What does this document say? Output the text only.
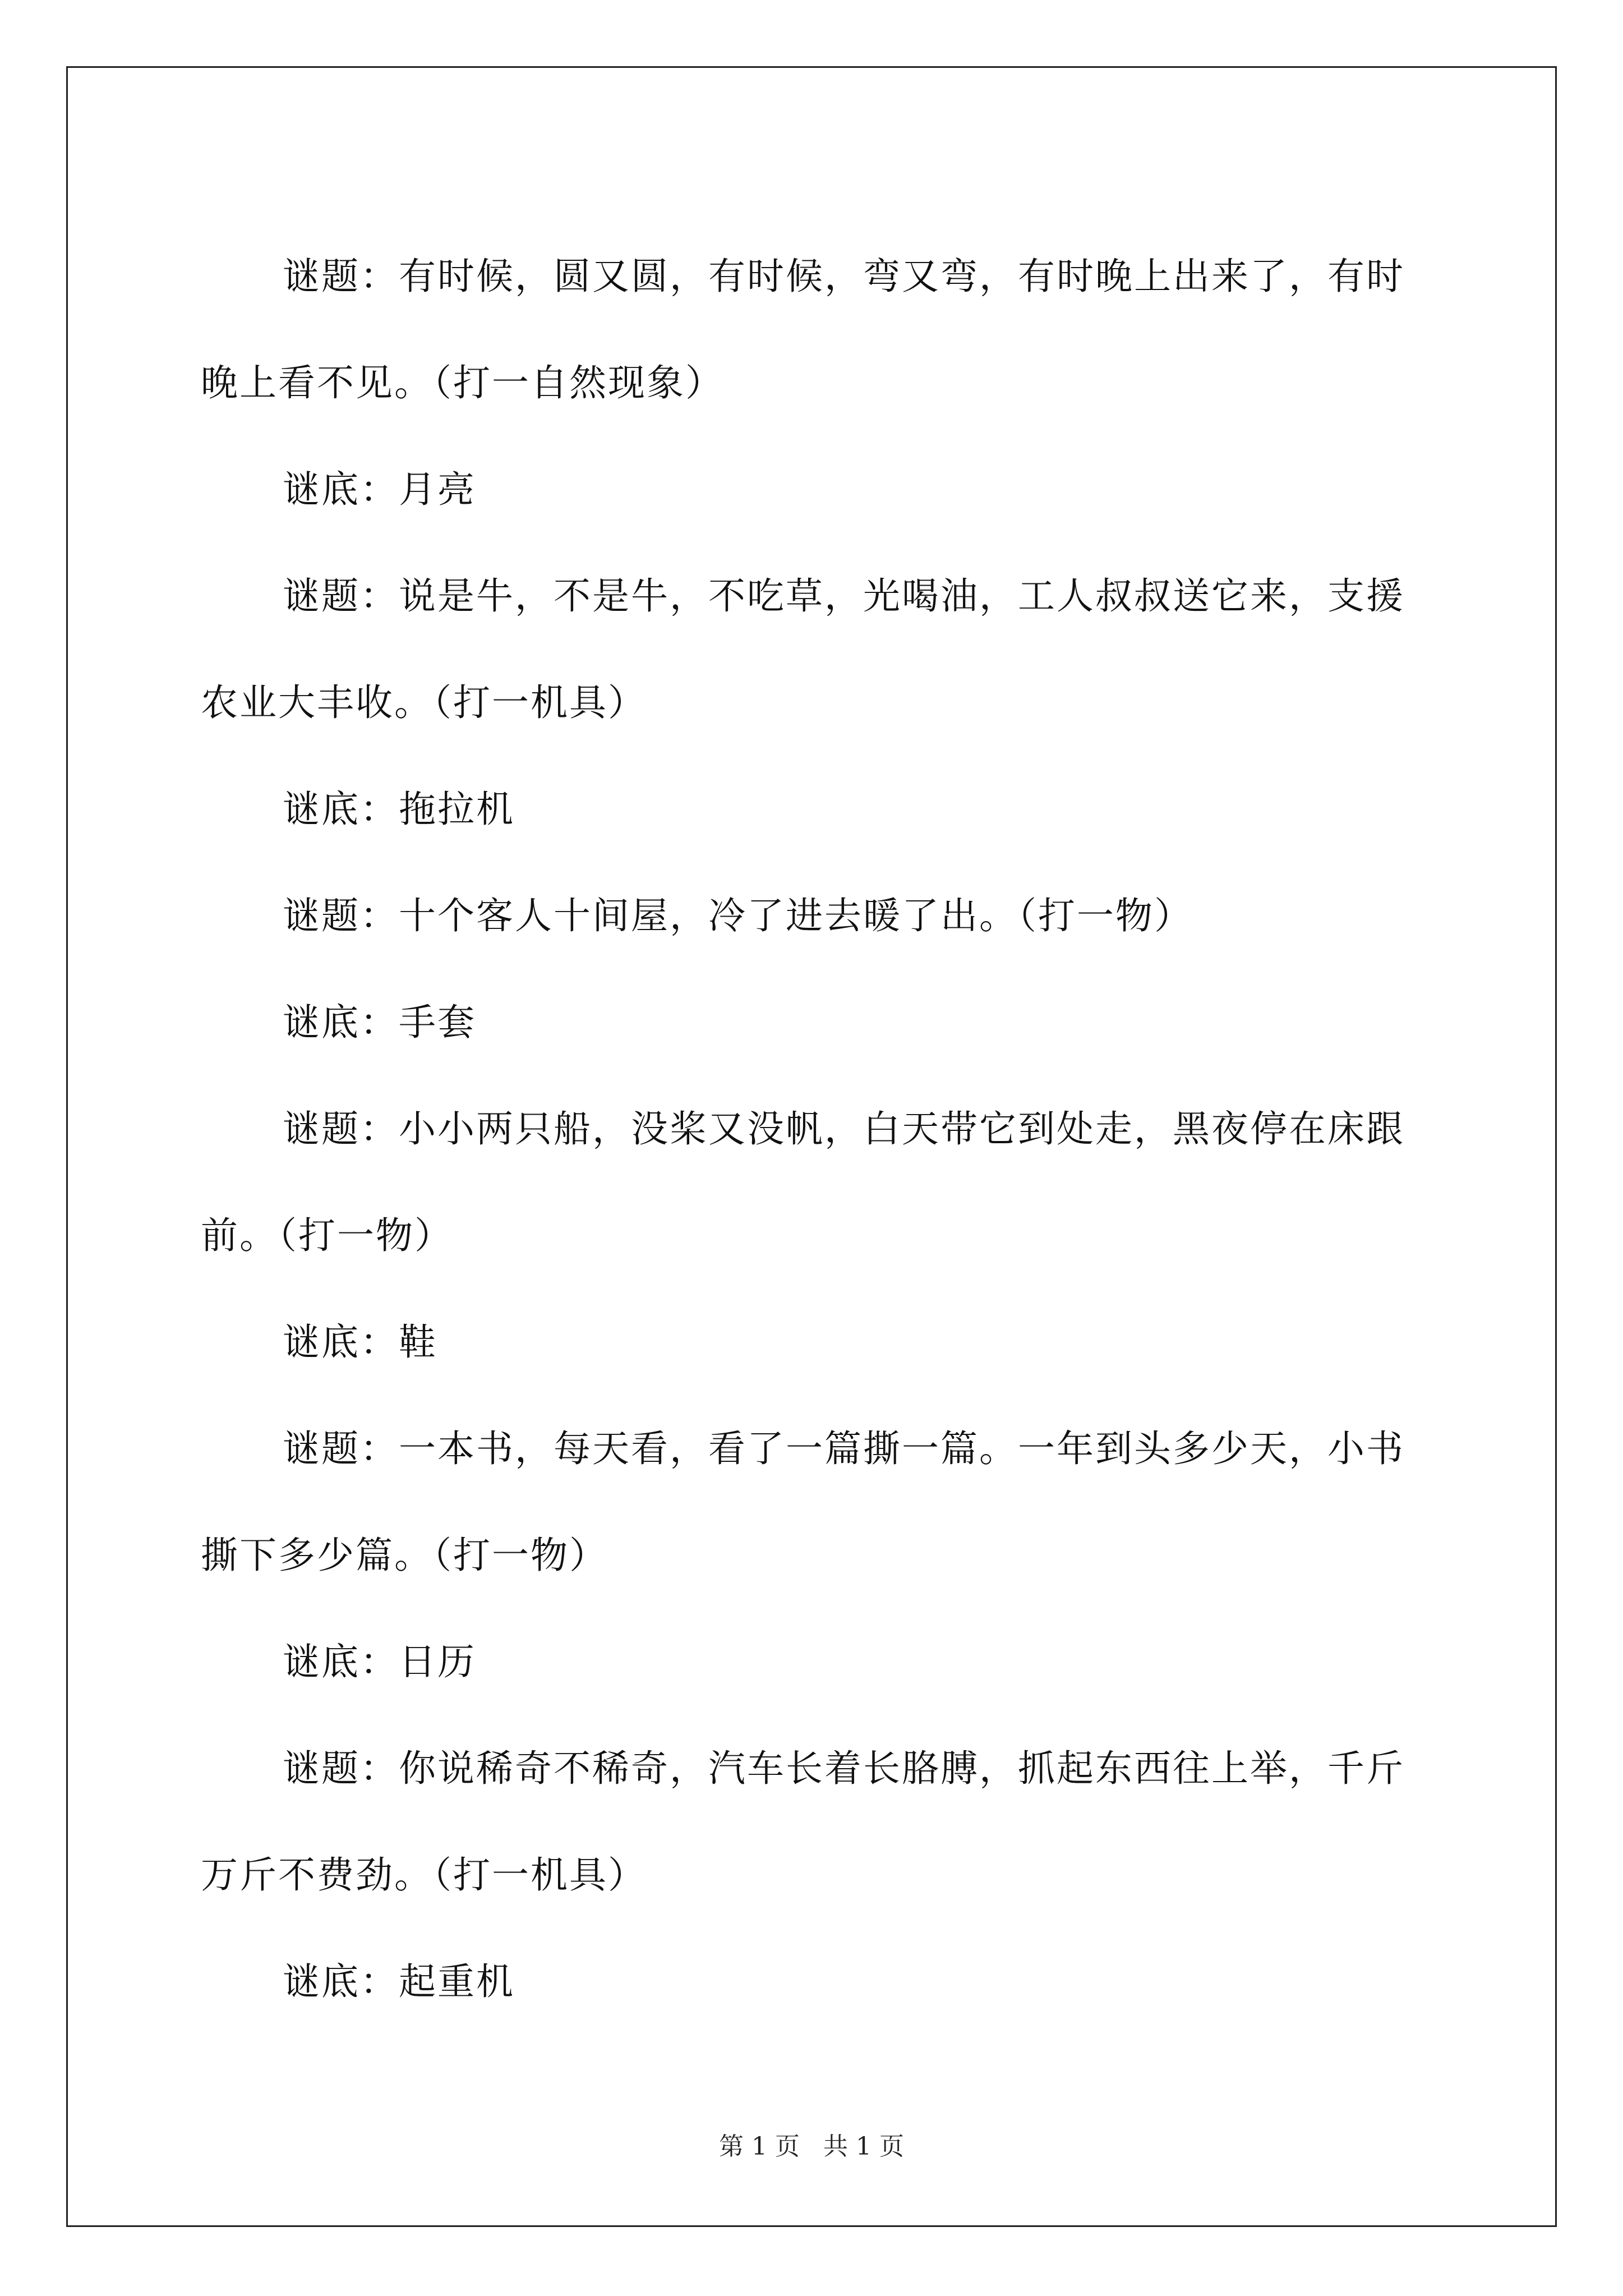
谜题：有时候，圆又圆，有时候，弯又弯，有时晚上出来了，有时晚上看不见。（打一自然现象）

谜底：月亮

谜题：说是牛，不是牛，不吃草，光喝油，工人叔叔送它来，支援农业大丰收。（打一机具）

谜底：拖拉机

谜题：十个客人十间屋，冷了进去暖了出。（打一物）

谜底：手套

谜题：小小两只船，没桨又没帆，白天带它到处走，黑夜停在床跟前。（打一物）

谜底：鞋

谜题：一本书，每天看，看了一篇撕一篇。一年到头多少天，小书撕下多少篇。（打一物）

谜底：日历

谜题：你说稀奇不稀奇，汽车长着长胳膊，抓起东西往上举，千斤万斤不费劲。（打一机具）

谜底：起重机

第 1 页   共 1 页
